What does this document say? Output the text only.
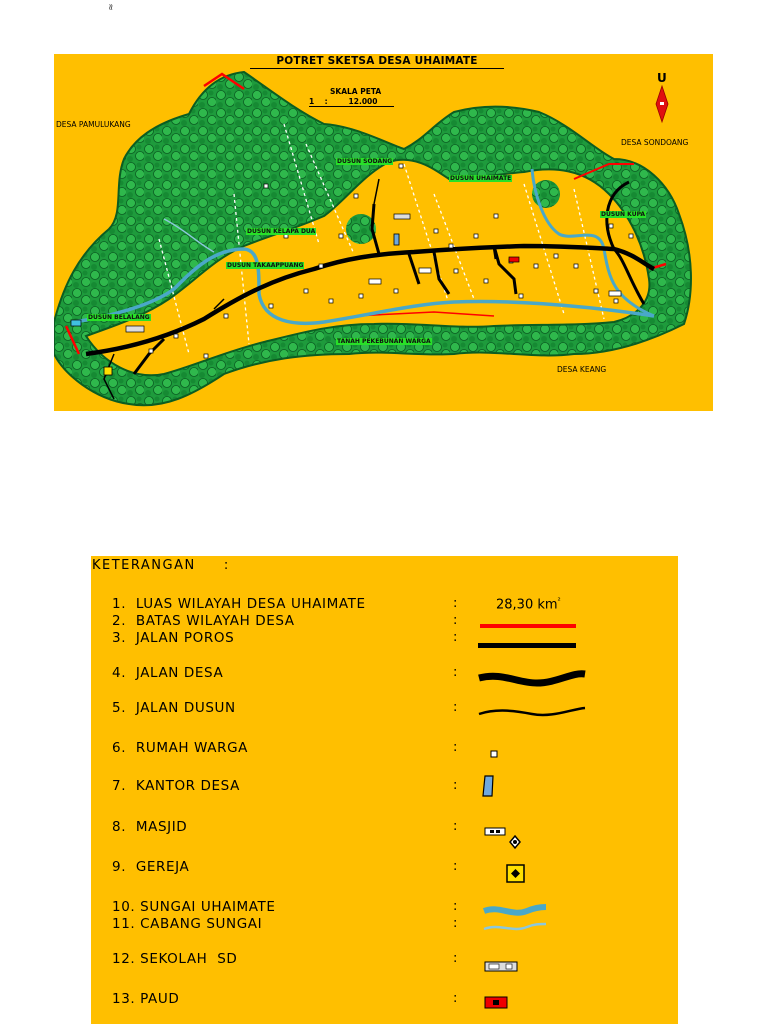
≈
POTRET SKETSA DESA UHAIMATE
SKALA PETA
1    :        12.000
U
DESA PAMULUKANG
DESA SONDOANG
DESA KEANG
DUSUN SODANG
DUSUN UHAIMATE
DUSUN KELAPA DUA
DUSUN TAKAAPPUANG
DUSUN KUPA
DUSUN BELALANG
TANAH PEKEBUNAN WARGA
KETERANGAN     :
1.  LUAS WILAYAH DESA UHAIMATE
2.  BATAS WILAYAH DESA
3.  JALAN POROS
4.  JALAN DESA
5.  JALAN DUSUN
6.  RUMAH WARGA
7.  KANTOR DESA
8.  MASJID
9.  GEREJA
10. SUNGAI UHAIMATE
11. CABANG SUNGAI
12. SEKOLAH  SD
13. PAUD
:
:
:
:
:
:
:
:
:
:
:
:
:
28,30 $km^{^2}$
